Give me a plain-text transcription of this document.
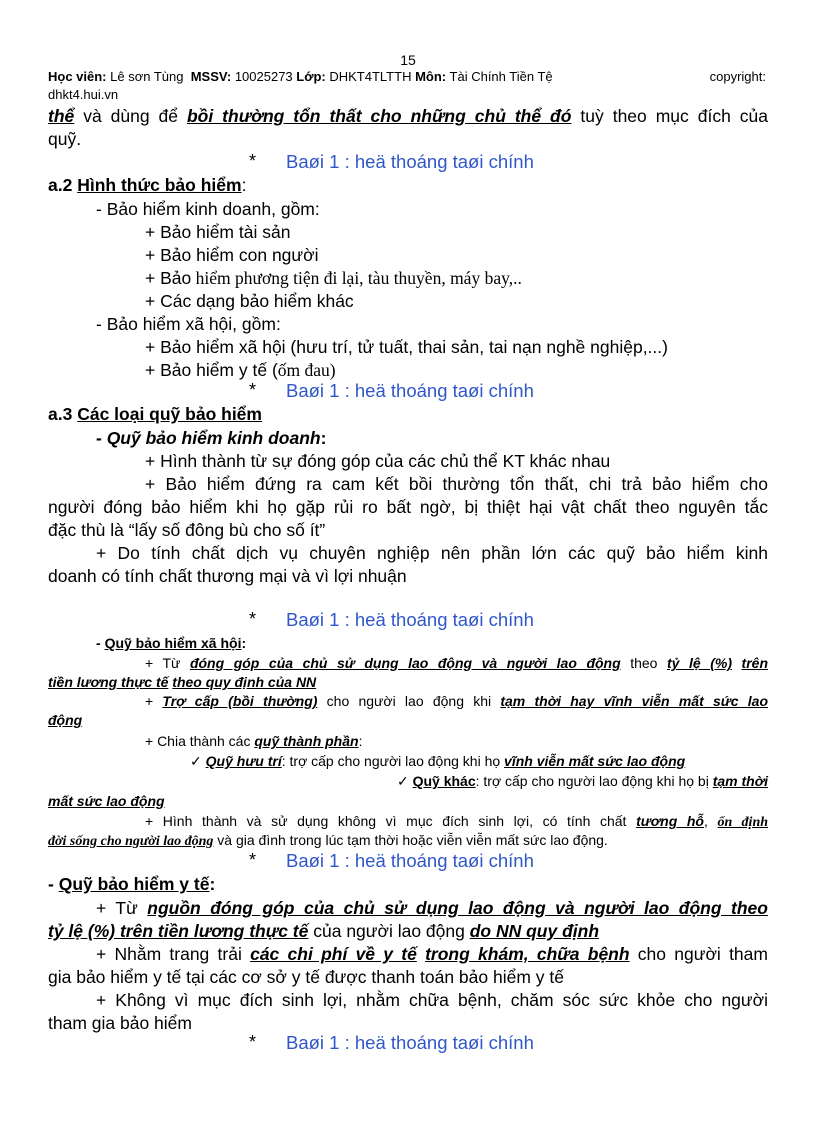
15
Học viên: Lê sơn Tùng MSSV: 10025273 Lớp: DHKT4TLTTH Môn: Tài Chính Tiền Tệ	copyright:
dhkt4.hui.vn
thể và dùng để bồi thường tổn thất cho những chủ thể đó tuỳ theo mục đích của
quỹ.
* Baøi 1 : heä thoáng taøi chính
a.2 Hình thức bảo hiểm:
- Bảo hiểm kinh doanh, gồm:
+ Bảo hiểm tài sản
+ Bảo hiểm con người
+ Bảo hiểm phương tiện đi lại, tàu thuyền, máy bay,..
+ Các dạng bảo hiểm khác
- Bảo hiểm xã hội, gồm:
+ Bảo hiểm xã hội (hưu trí, tử tuất, thai sản, tai nạn nghề nghiệp,...)
+ Bảo hiểm y tế (ốm đau)
* Baøi 1 : heä thoáng taøi chính
a.3 Các loại quỹ bảo hiểm
- Quỹ bảo hiểm kinh doanh:
+ Hình thành từ sự đóng góp của các chủ thể KT khác nhau
+ Bảo hiểm đứng ra cam kết bồi thường tổn thất, chi trả bảo hiểm cho
người đóng bảo hiểm khi họ gặp rủi ro bất ngờ, bị thiệt hại vật chất theo nguyên tắc
đặc thù là “lấy số đông bù cho số ít”
+ Do tính chất dịch vụ chuyên nghiệp nên phần lớn các quỹ bảo hiểm kinh
doanh có tính chất thương mại và vì lợi nhuận
* Baøi 1 : heä thoáng taøi chính
- Quỹ bảo hiểm xã hội:
+ Từ đóng góp của chủ sử dụng lao động và người lao động theo tỷ lệ (%) trên
tiền lương thực tế theo quy định của NN
+ Trợ cấp (bồi thường) cho người lao động khi tạm thời hay vĩnh viễn mất sức lao
động
+ Chia thành các quỹ thành phần:
✓ Quỹ hưu trí: trợ cấp cho người lao động khi họ vĩnh viễn mất sức lao động
✓ Quỹ khác: trợ cấp cho người lao động khi họ bị tạm thời
mất sức lao động
+ Hình thành và sử dụng không vì mục đích sinh lợi, có tính chất tương hỗ, ổn định
đời sống cho người lao động và gia đình trong lúc tạm thời hoặc viễn viễn mất sức lao động.
* Baøi 1 : heä thoáng taøi chính
- Quỹ bảo hiểm y tế:
+ Từ nguồn đóng góp của chủ sử dụng lao động và người lao động theo
tỷ lệ (%) trên tiền lương thực tế của người lao động do NN quy định
+ Nhằm trang trải các chi phí về y tế trong khám, chữa bệnh cho người tham
gia bảo hiểm y tế tại các cơ sở y tế được thanh toán bảo hiểm y tế
+ Không vì mục đích sinh lợi, nhằm chữa bệnh, chăm sóc sức khỏe cho người
tham gia bảo hiểm
* Baøi 1 : heä thoáng taøi chính
